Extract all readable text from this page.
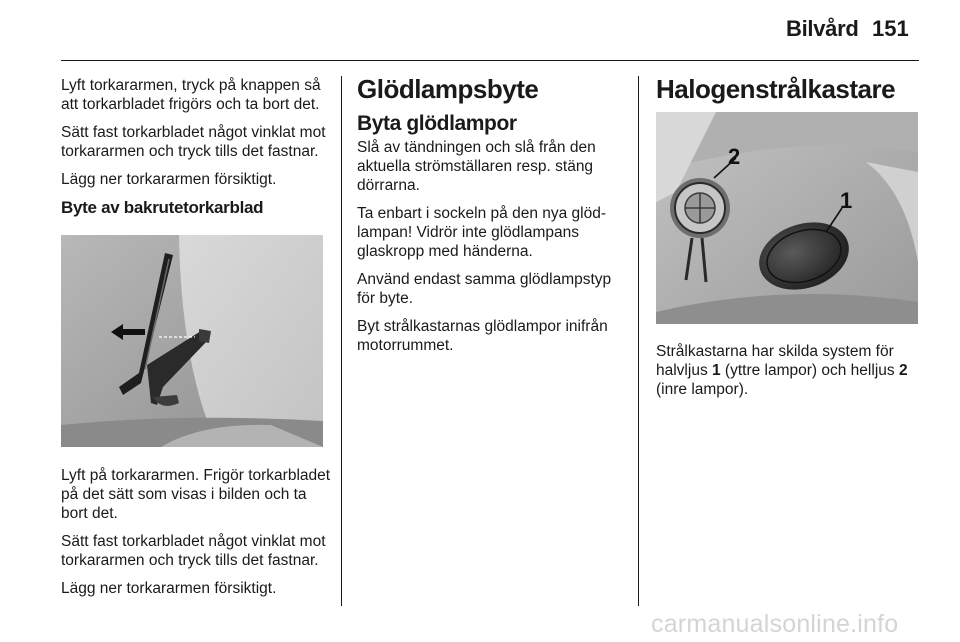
Bilvård 151

Lyft torkararmen, tryck på knappen så att torkarbladet frigörs och ta bort det.

Sätt fast torkarbladet något vinklat mot torkararmen och tryck tills det fastnar.

Lägg ner torkararmen försiktigt.

Byte av bakrutetorkarblad

Lyft på torkararmen. Frigör torkarbladet på det sätt som visas i bilden och ta bort det.

Sätt fast torkarbladet något vinklat mot torkararmen och tryck tills det fastnar.

Lägg ner torkararmen försiktigt.

Glödlampsbyte
Byta glödlampor

Slå av tändningen och slå från den aktuella strömställaren resp. stäng dörrarna.

Ta enbart i sockeln på den nya glödlampan! Vidrör inte glödlampans glaskropp med händerna.

Använd endast samma glödlampstyp för byte.

Byt strålkastarnas glödlampor inifrån motorrummet.

Halogenstrålkastare
2
1

Strålkastarna har skilda system för halvljus 1 (yttre lampor) och helljus 2 (inre lampor).

carmanualsonline.info
